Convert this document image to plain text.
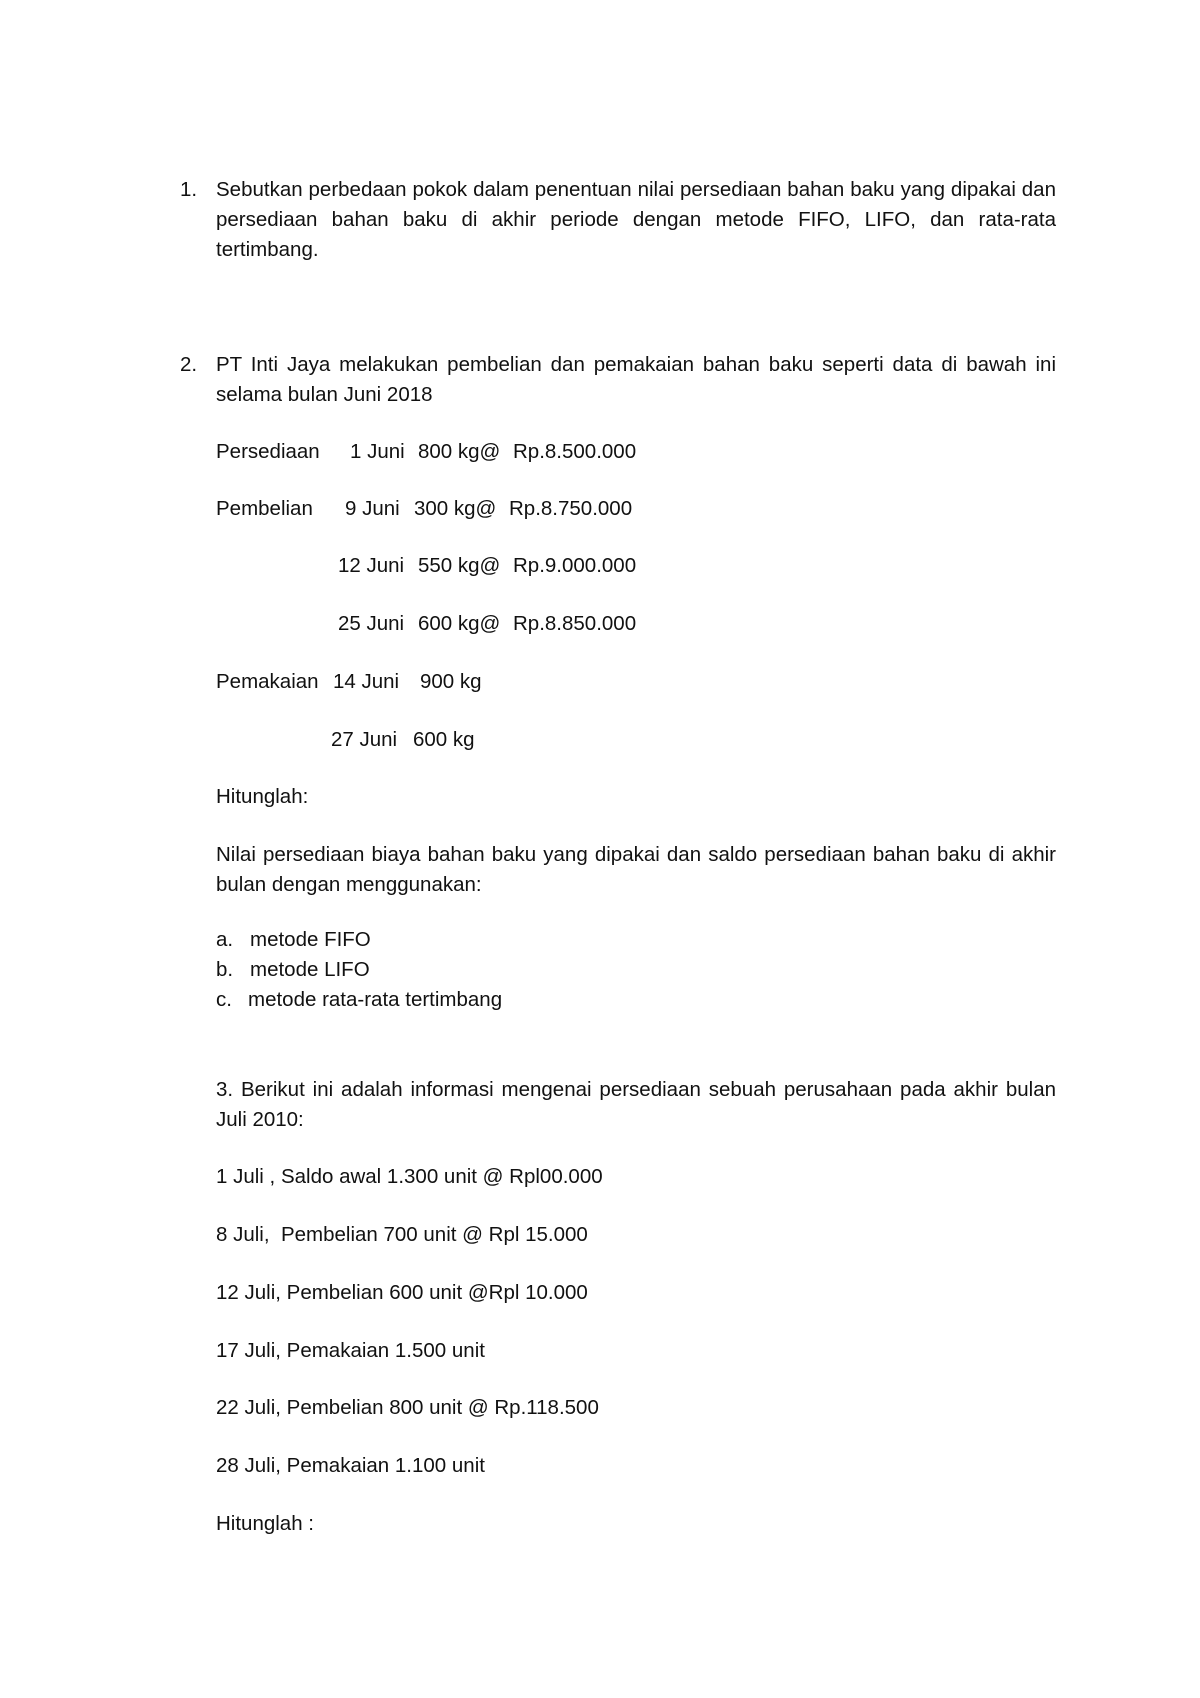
1. Sebutkan perbedaan pokok dalam penentuan nilai persediaan bahan baku yang dipakai dan persediaan bahan baku di akhir periode dengan metode FIFO, LIFO, dan rata-rata tertimbang.
2. PT Inti Jaya melakukan pembelian dan pemakaian bahan baku seperti data di bawah ini selama bulan Juni 2018
Persediaan 1 Juni 800 kg@ Rp.8.500.000
Pembelian 9 Juni 300 kg@ Rp.8.750.000
12 Juni 550 kg@ Rp.9.000.000
25 Juni 600 kg@ Rp.8.850.000
Pemakaian 14 Juni 900 kg
27 Juni 600 kg
Hitunglah:
Nilai persediaan biaya bahan baku yang dipakai dan saldo persediaan bahan baku di akhir bulan dengan menggunakan:
a. metode FIFO
b. metode LIFO
c. metode rata-rata tertimbang
3. Berikut ini adalah informasi mengenai persediaan sebuah perusahaan pada akhir bulan Juli 2010:
1 Juli , Saldo awal 1.300 unit @ Rpl00.000
8 Juli,  Pembelian 700 unit @ Rpl 15.000
12 Juli, Pembelian 600 unit @Rpl 10.000
17 Juli, Pemakaian 1.500 unit
22 Juli, Pembelian 800 unit @ Rp.118.500
28 Juli, Pemakaian 1.100 unit
Hitunglah :
